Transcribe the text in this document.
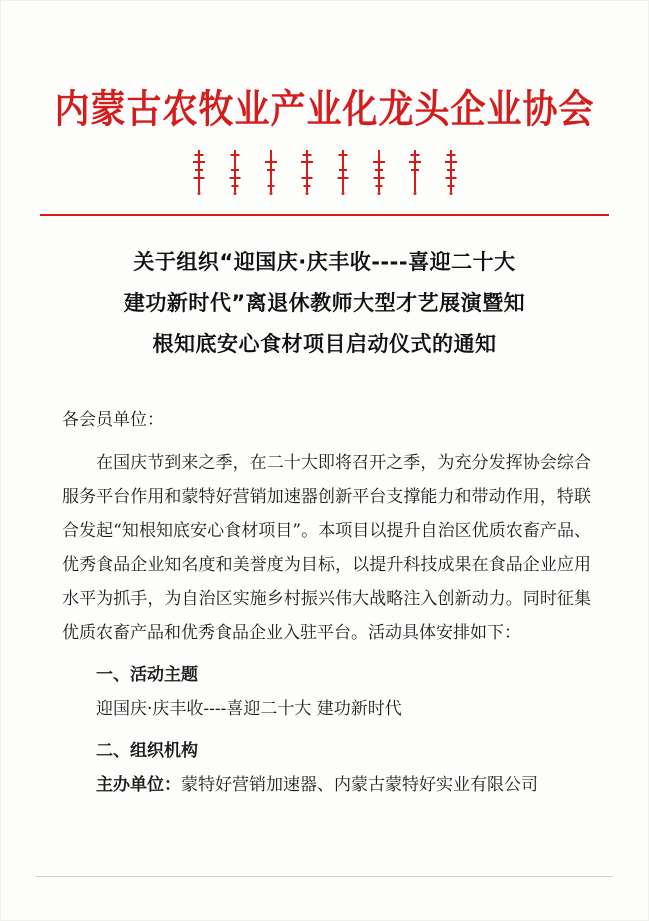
内蒙古农牧业产业化龙头企业协会
关于组织“迎国庆·庆丰收----喜迎二十大
建功新时代”离退休教师大型才艺展演暨知
根知底安心食材项目启动仪式的通知
各会员单位：

在国庆节到来之季，在二十大即将召开之季，为充分发挥协会综合服务平台作用和蒙特好营销加速器创新平台支撑能力和带动作用，特联合发起“知根知底安心食材项目”。本项目以提升自治区优质农畜产品、优秀食品企业知名度和美誉度为目标，以提升科技成果在食品企业应用水平为抓手，为自治区实施乡村振兴伟大战略注入创新动力。同时征集优质农畜产品和优秀食品企业入驻平台。活动具体安排如下：

一、活动主题
迎国庆·庆丰收----喜迎二十大 建功新时代
二、组织机构
主办单位：蒙特好营销加速器、内蒙古蒙特好实业有限公司
